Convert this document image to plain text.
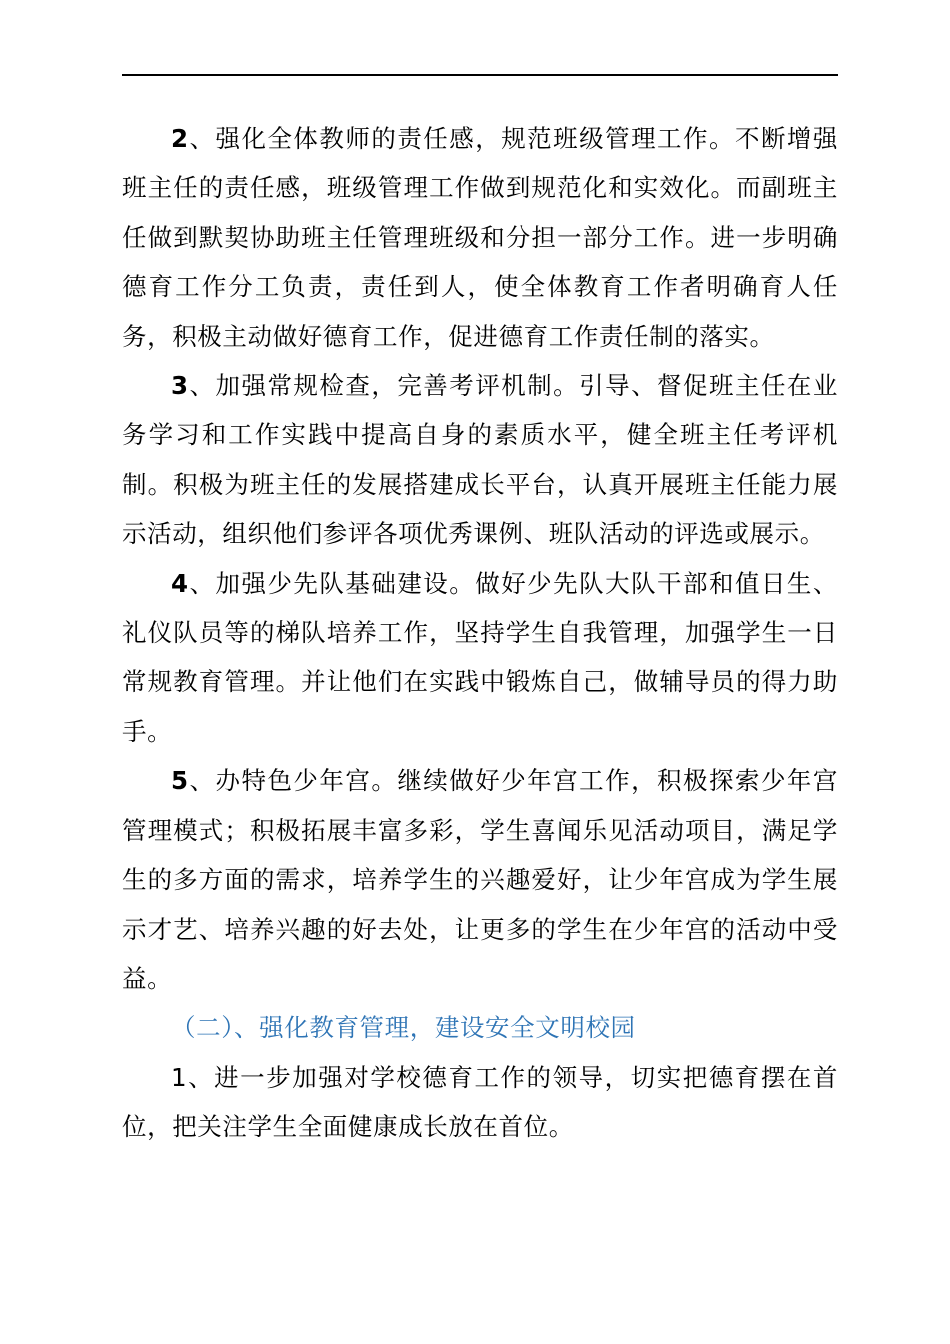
2、强化全体教师的责任感，规范班级管理工作。不断增强班主任的责任感，班级管理工作做到规范化和实效化。而副班主任做到默契协助班主任管理班级和分担一部分工作。进一步明确德育工作分工负责，责任到人，使全体教育工作者明确育人任务，积极主动做好德育工作，促进德育工作责任制的落实。

3、加强常规检查，完善考评机制。引导、督促班主任在业务学习和工作实践中提高自身的素质水平，健全班主任考评机制。积极为班主任的发展搭建成长平台，认真开展班主任能力展示活动，组织他们参评各项优秀课例、班队活动的评选或展示。

4、加强少先队基础建设。做好少先队大队干部和值日生、礼仪队员等的梯队培养工作，坚持学生自我管理，加强学生一日常规教育管理。并让他们在实践中锻炼自己，做辅导员的得力助手。

5、办特色少年宫。继续做好少年宫工作，积极探索少年宫管理模式；积极拓展丰富多彩，学生喜闻乐见活动项目，满足学生的多方面的需求，培养学生的兴趣爱好，让少年宫成为学生展示才艺、培养兴趣的好去处，让更多的学生在少年宫的活动中受益。

（二）、强化教育管理，建设安全文明校园

1、进一步加强对学校德育工作的领导，切实把德育摆在首位，把关注学生全面健康成长放在首位。
